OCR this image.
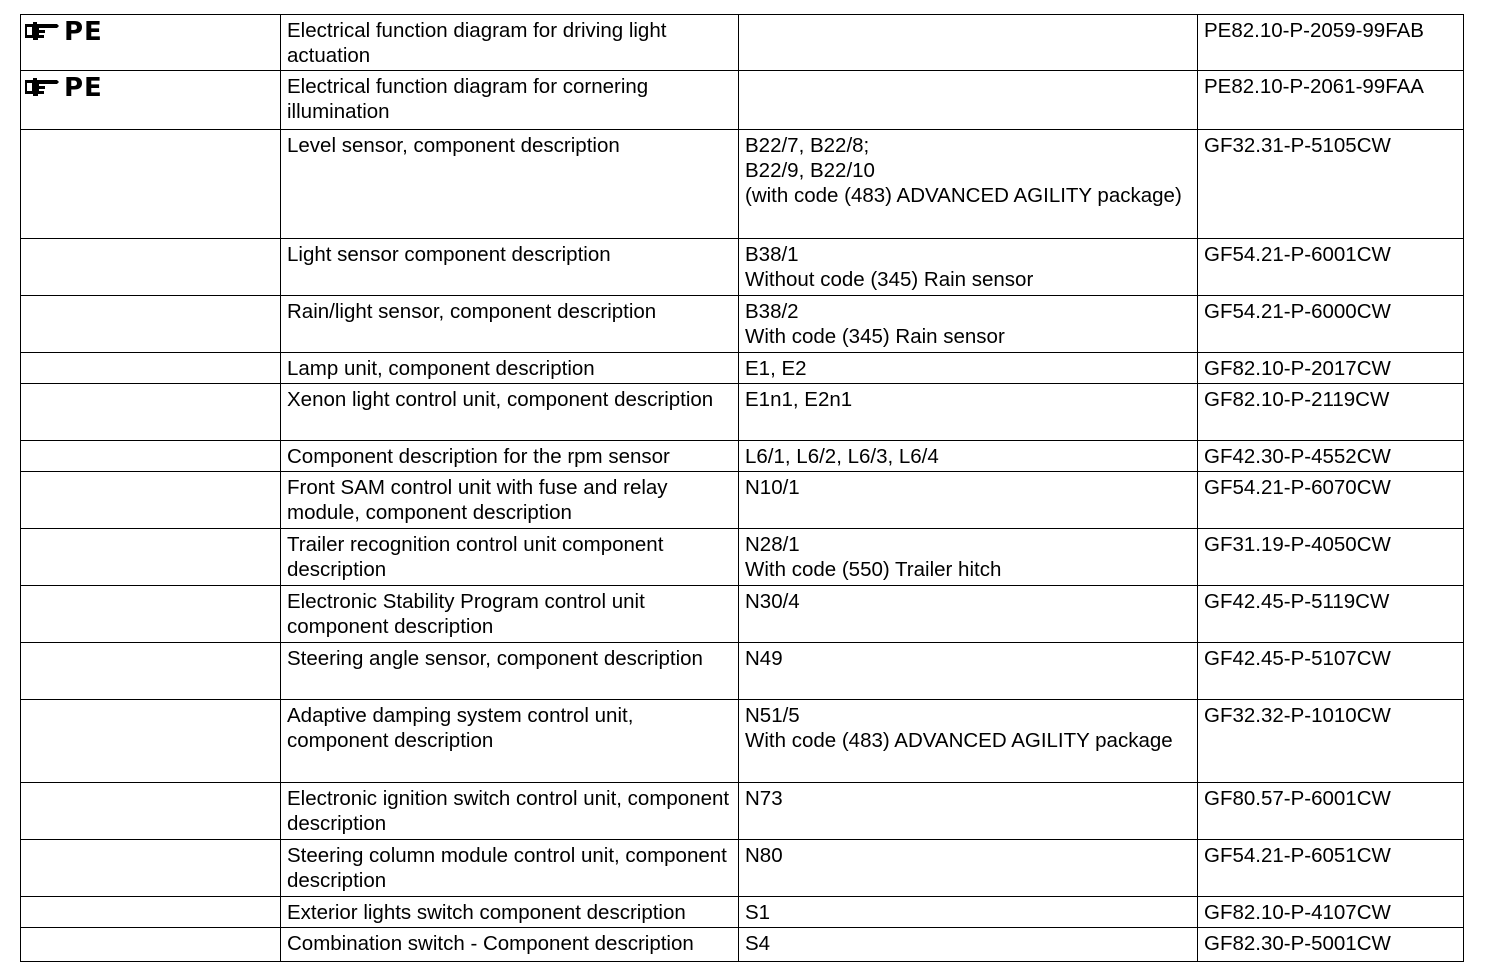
PE	Electrical function diagram for driving light actuation		PE82.10-P-2059-99FAB

PE	Electrical function diagram for cornering illumination		PE82.10-P-2061-99FAA
	Level sensor, component description	B22/7, B22/8;
B22/9, B22/10
(with code (483) ADVANCED AGILITY package)	GF32.31-P-5105CW
	Light sensor component description	B38/1
Without code (345) Rain sensor	GF54.21-P-6001CW
	Rain/light sensor, component description	B38/2
With code (345) Rain sensor	GF54.21-P-6000CW
	Lamp unit, component description	E1, E2	GF82.10-P-2017CW
	Xenon light control unit, component description	E1n1, E2n1	GF82.10-P-2119CW
	Component description for the rpm sensor	L6/1, L6/2, L6/3, L6/4	GF42.30-P-4552CW
	Front SAM control unit with fuse and relay module, component description	N10/1	GF54.21-P-6070CW
	Trailer recognition control unit component description	N28/1
With code (550) Trailer hitch	GF31.19-P-4050CW
	Electronic Stability Program control unit component description	N30/4	GF42.45-P-5119CW
	Steering angle sensor, component description	N49	GF42.45-P-5107CW
	Adaptive damping system control unit, component description	N51/5
With code (483) ADVANCED AGILITY package	GF32.32-P-1010CW
	Electronic ignition switch control unit, component description	N73	GF80.57-P-6001CW
	Steering column module control unit, component description	N80	GF54.21-P-6051CW
	Exterior lights switch component description	S1	GF82.10-P-4107CW
	Combination switch - Component description	S4	GF82.30-P-5001CW
